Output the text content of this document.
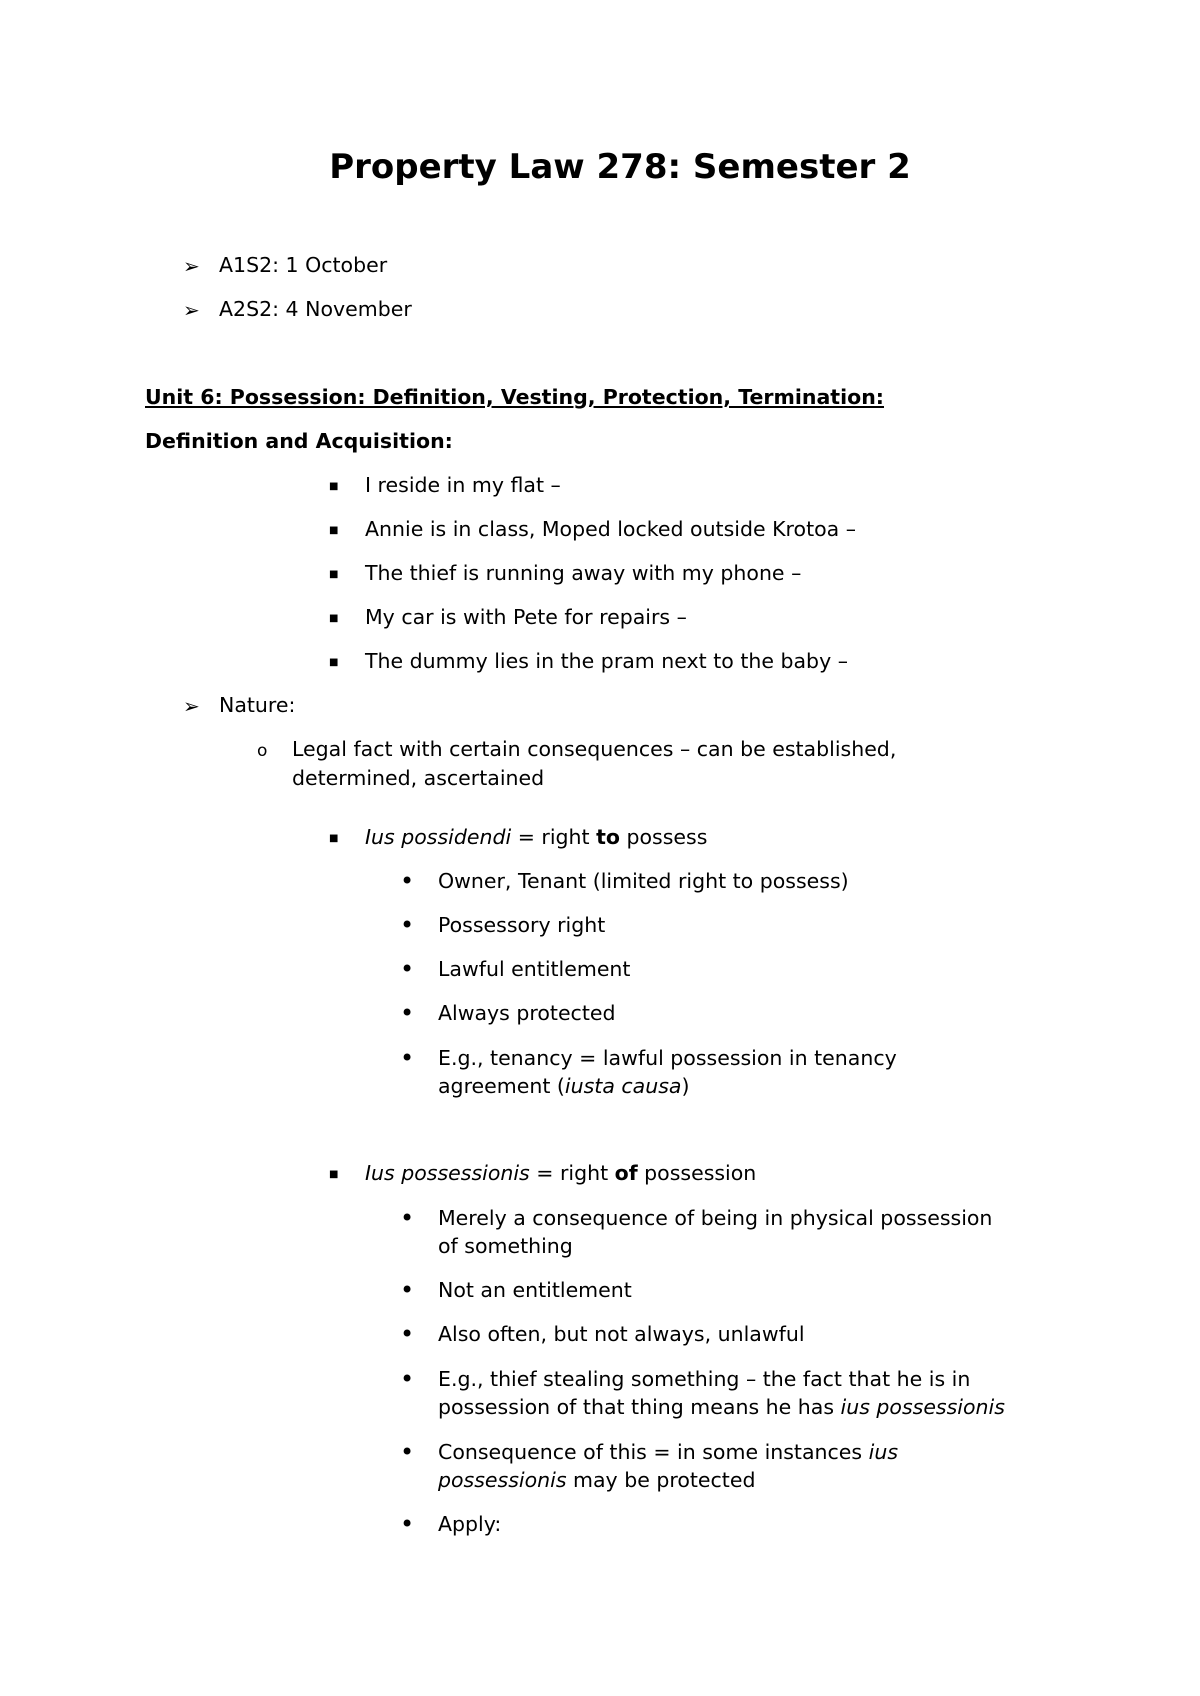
Property Law 278: Semester 2
➢ A1S2: 1 October
➢ A2S2: 4 November
Unit 6: Possession: Definition, Vesting, Protection, Termination:
Definition and Acquisition:
■ I reside in my flat –
■ Annie is in class, Moped locked outside Krotoa –
■ The thief is running away with my phone –
■ My car is with Pete for repairs –
■ The dummy lies in the pram next to the baby –
➢ Nature:
o Legal fact with certain consequences – can be established,
determined, ascertained
■ Ius possidendi = right to possess
• Owner, Tenant (limited right to possess)
• Possessory right
• Lawful entitlement
• Always protected
• E.g., tenancy = lawful possession in tenancy
agreement (iusta causa)
■ Ius possessionis = right of possession
• Merely a consequence of being in physical possession
of something
• Not an entitlement
• Also often, but not always, unlawful
• E.g., thief stealing something – the fact that he is in
possession of that thing means he has ius possessionis
• Consequence of this = in some instances ius
possessionis may be protected
• Apply:
